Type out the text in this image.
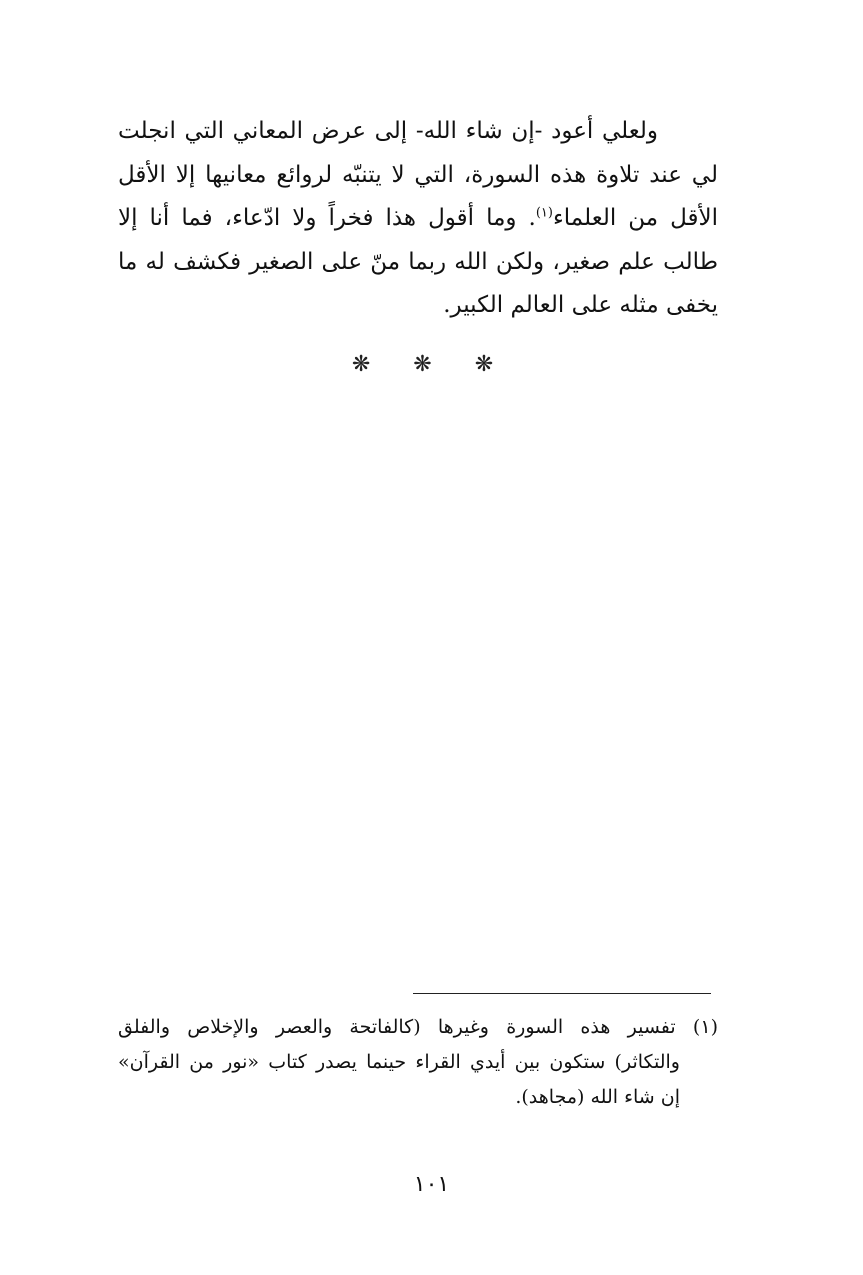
ولعلي أعود -إن شاء الله- إلى عرض المعاني التي انجلت
لي عند تلاوة هذه السورة، التي لا يتنبّه لروائع معانيها إلا الأقل
الأقل من العلماء$^{(١)}$. وما أقول هذا فخراً ولا ادّعاء، فما أنا إلا
طالب علم صغير، ولكن الله ربما منّ على الصغير فكشف له ما
يخفى مثله على العالم الكبير.
❋ ❋ ❋
(١) تفسير هذه السورة وغيرها (كالفاتحة والعصر والإخلاص والفلق
والتكاثر) ستكون بين أيدي القراء حينما يصدر كتاب «نور من القرآن»
إن شاء الله (مجاهد).
١٠١
